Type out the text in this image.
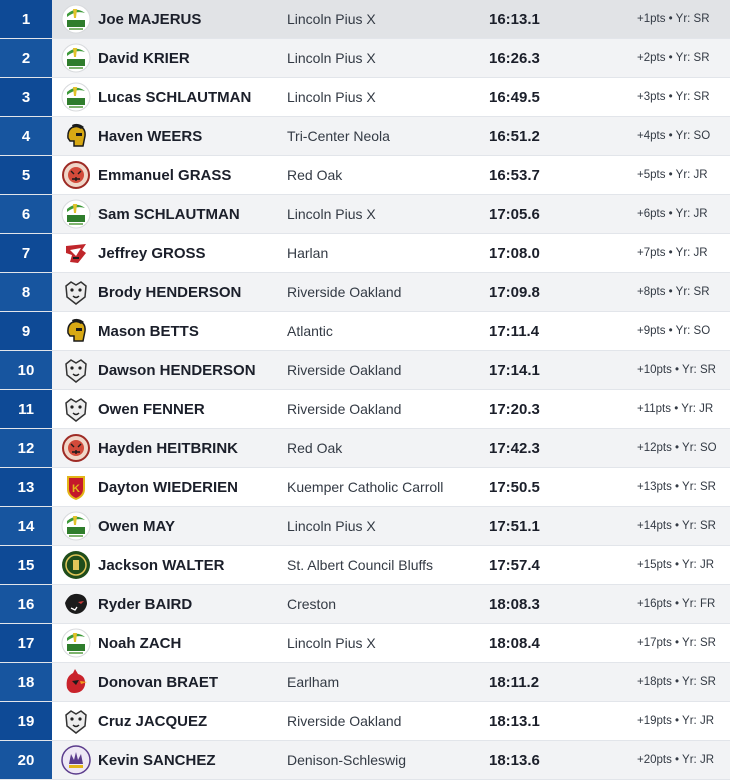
1	Joe MAJERUS	Lincoln Pius X	16:13.1	+1pts • Yr: SR
2	David KRIER	Lincoln Pius X	16:26.3	+2pts • Yr: SR
3	Lucas SCHLAUTMAN	Lincoln Pius X	16:49.5	+3pts • Yr: SR
4	Haven WEERS	Tri-Center Neola	16:51.2	+4pts • Yr: SO
5	Emmanuel GRASS	Red Oak	16:53.7	+5pts • Yr: JR
6	Sam SCHLAUTMAN	Lincoln Pius X	17:05.6	+6pts • Yr: JR
7	Jeffrey GROSS	Harlan	17:08.0	+7pts • Yr: JR
8	Brody HENDERSON	Riverside Oakland	17:09.8	+8pts • Yr: SR
9	Mason BETTS	Atlantic	17:11.4	+9pts • Yr: SO
10	Dawson HENDERSON	Riverside Oakland	17:14.1	+10pts • Yr: SR
11	Owen FENNER	Riverside Oakland	17:20.3	+11pts • Yr: JR
12	Hayden HEITBRINK	Red Oak	17:42.3	+12pts • Yr: SO
13	Dayton WIEDERIEN	Kuemper Catholic Carroll	17:50.5	+13pts • Yr: SR
14	Owen MAY	Lincoln Pius X	17:51.1	+14pts • Yr: SR
15	Jackson WALTER	St. Albert Council Bluffs	17:57.4	+15pts • Yr: JR
16	Ryder BAIRD	Creston	18:08.3	+16pts • Yr: FR
17	Noah ZACH	Lincoln Pius X	18:08.4	+17pts • Yr: SR
18	Donovan BRAET	Earlham	18:11.2	+18pts • Yr: SR
19	Cruz JACQUEZ	Riverside Oakland	18:13.1	+19pts • Yr: JR
20	Kevin SANCHEZ	Denison-Schleswig	18:13.6	+20pts • Yr: JR
